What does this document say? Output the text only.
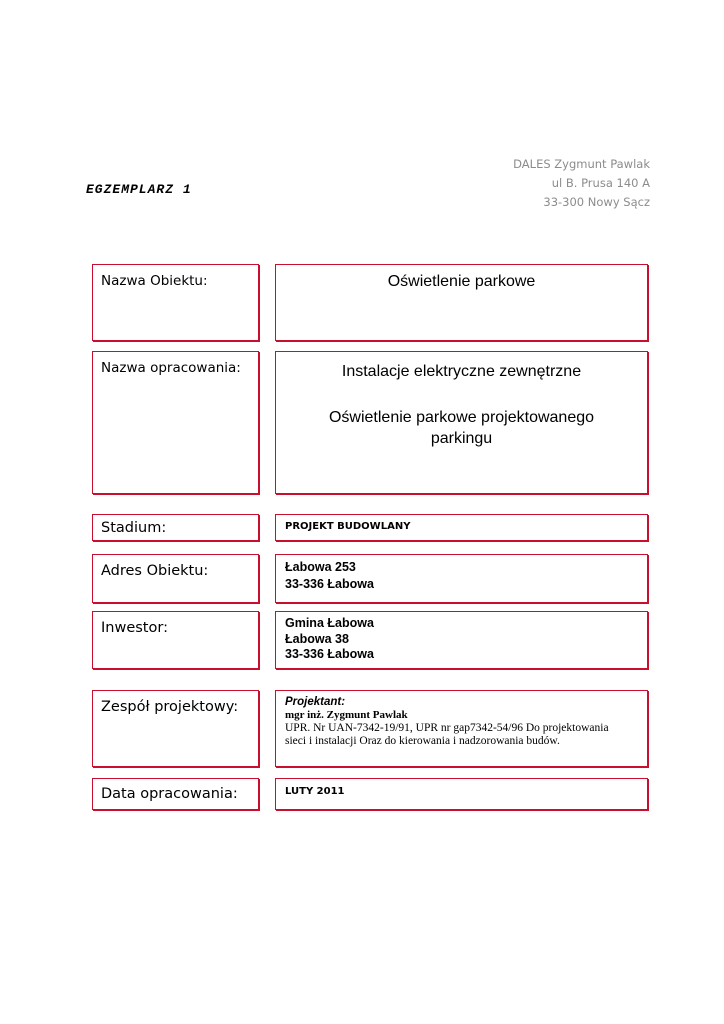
EGZEMPLARZ 1
DALES Zygmunt Pawlak
ul B. Prusa 140 A
33-300 Nowy Sącz
Nazwa Obiektu:	Oświetlenie parkowe
Nazwa opracowania:	Instalacje elektryczne zewnętrzne
Oświetlenie parkowe projektowanego
parkingu
Stadium:	PROJEKT BUDOWLANY
Adres Obiektu:	Łabowa 253
33-336 Łabowa
Inwestor:	Gmina Łabowa
Łabowa 38
33-336 Łabowa
Zespół projektowy:	Projektant:
mgr inż. Zygmunt Pawlak
UPR. Nr UAN-7342-19/91, UPR nr gap7342-54/96 Do projektowania
sieci i instalacji Oraz do kierowania i nadzorowania budów.
Data opracowania:	LUTY 2011
